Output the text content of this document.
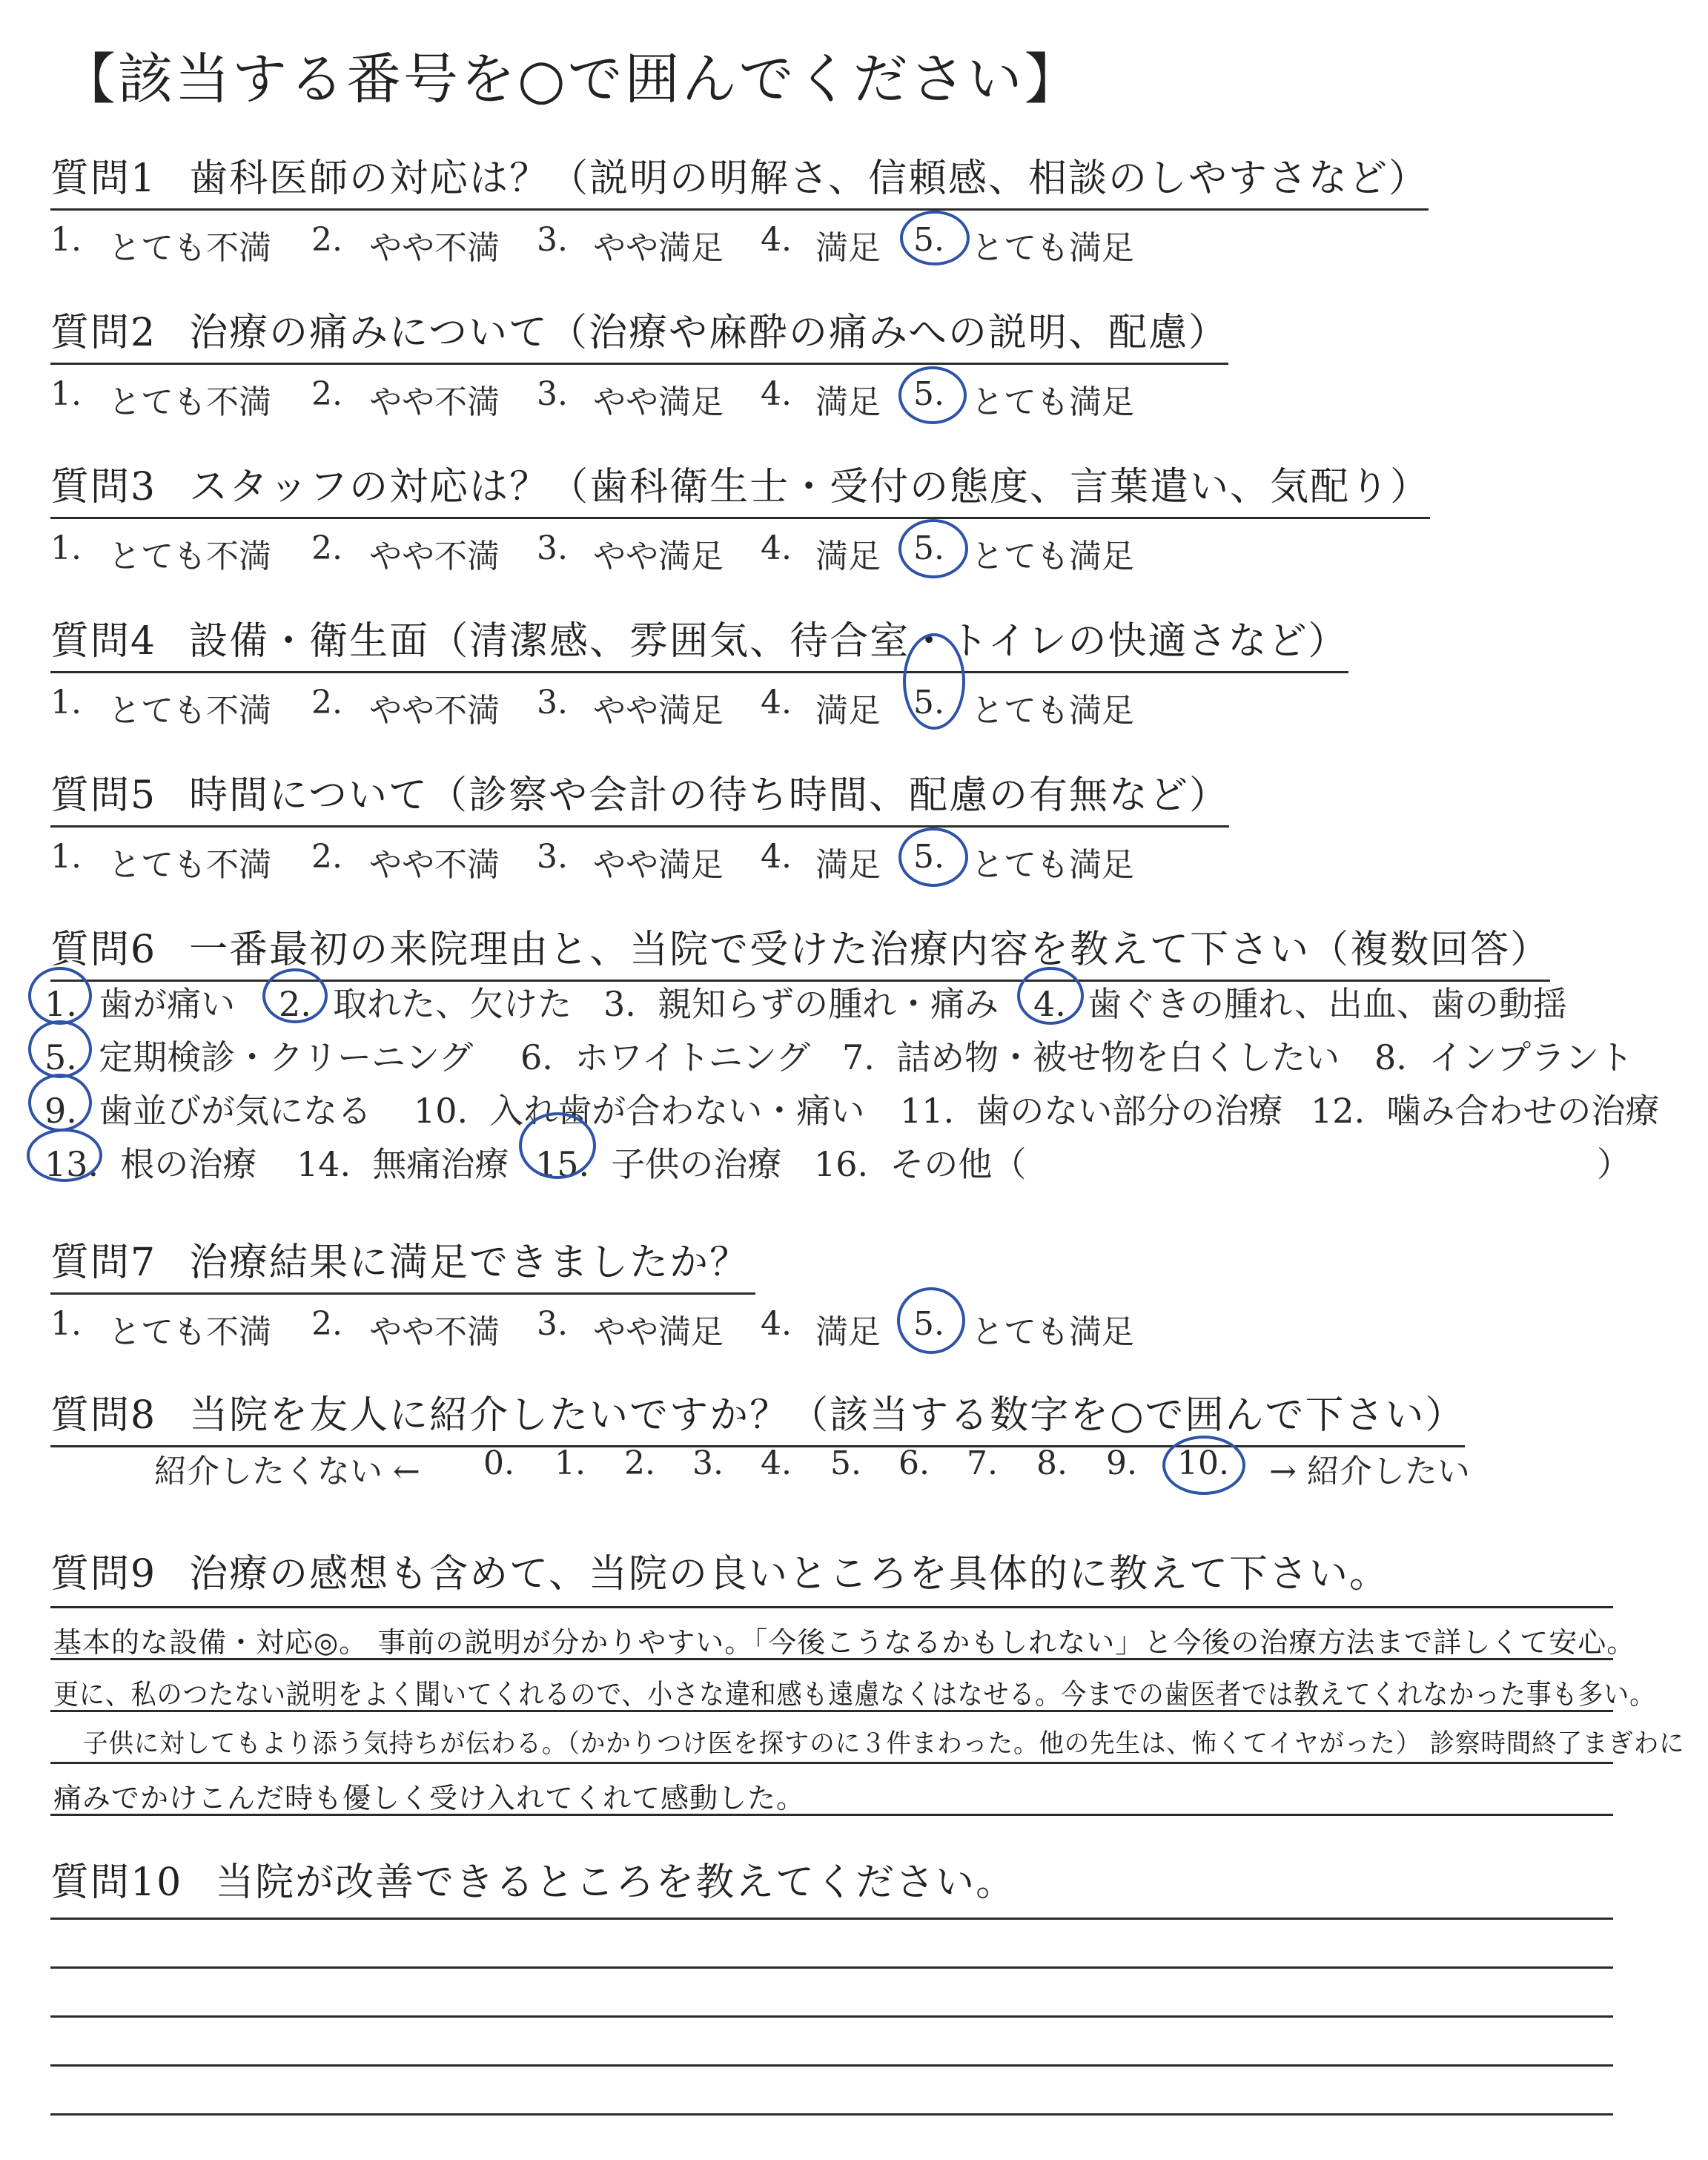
【該当する番号を○で囲んでください】
質問1 歯科医師の対応は？（説明の明解さ、信頼感、相談のしやすさなど）
1. とても不満 2. やや不満 3. やや満足 4. 満足 5. とても満足
質問2 治療の痛みについて（治療や麻酔の痛みへの説明、配慮）
1. とても不満 2. やや不満 3. やや満足 4. 満足 5. とても満足
質問3 スタッフの対応は？（歯科衛生士・受付の態度、言葉遣い、気配り）
1. とても不満 2. やや不満 3. やや満足 4. 満足 5. とても満足
質問4 設備・衛生面（清潔感、雰囲気、待合室・トイレの快適さなど）
1. とても不満 2. やや不満 3. やや満足 4. 満足 5. とても満足
質問5 時間について（診察や会計の待ち時間、配慮の有無など）
1. とても不満 2. やや不満 3. やや満足 4. 満足 5. とても満足
質問6 一番最初の来院理由と、当院で受けた治療内容を教えて下さい（複数回答）
1. 歯が痛い 2. 取れた、欠けた 3. 親知らずの腫れ・痛み 4. 歯ぐきの腫れ、出血、歯の動揺
5. 定期検診・クリーニング 6. ホワイトニング 7. 詰め物・被せ物を白くしたい 8. インプラント
9. 歯並びが気になる 10. 入れ歯が合わない・痛い 11. 歯のない部分の治療 12. 噛み合わせの治療
13. 根の治療 14. 無痛治療 15. 子供の治療 16. その他（	）
質問7 治療結果に満足できましたか？
1. とても不満 2. やや不満 3. やや満足 4. 満足 5. とても満足
質問8 当院を友人に紹介したいですか？（該当する数字を○で囲んで下さい）
紹介したくない ← 0. 1. 2. 3. 4. 5. 6. 7. 8. 9. 10. → 紹介したい
質問9 治療の感想も含めて、当院の良いところを具体的に教えて下さい。
基本的な設備・対応◎。 事前の説明が分かりやすい。「今後こうなるかもしれない」と今後の治療方法まで詳しくて安心。
更に、私のつたない説明をよく聞いてくれるので、小さな違和感も遠慮なくはなせる。今までの歯医者では教えてくれなかった事も多い。
子供に対してもより添う気持ちが伝わる。（かかりつけ医を探すのに３件まわった。他の先生は、怖くてイヤがった） 診察時間終了まぎわに
痛みでかけこんだ時も優しく受け入れてくれて感動した。
質問10 当院が改善できるところを教えてください。
